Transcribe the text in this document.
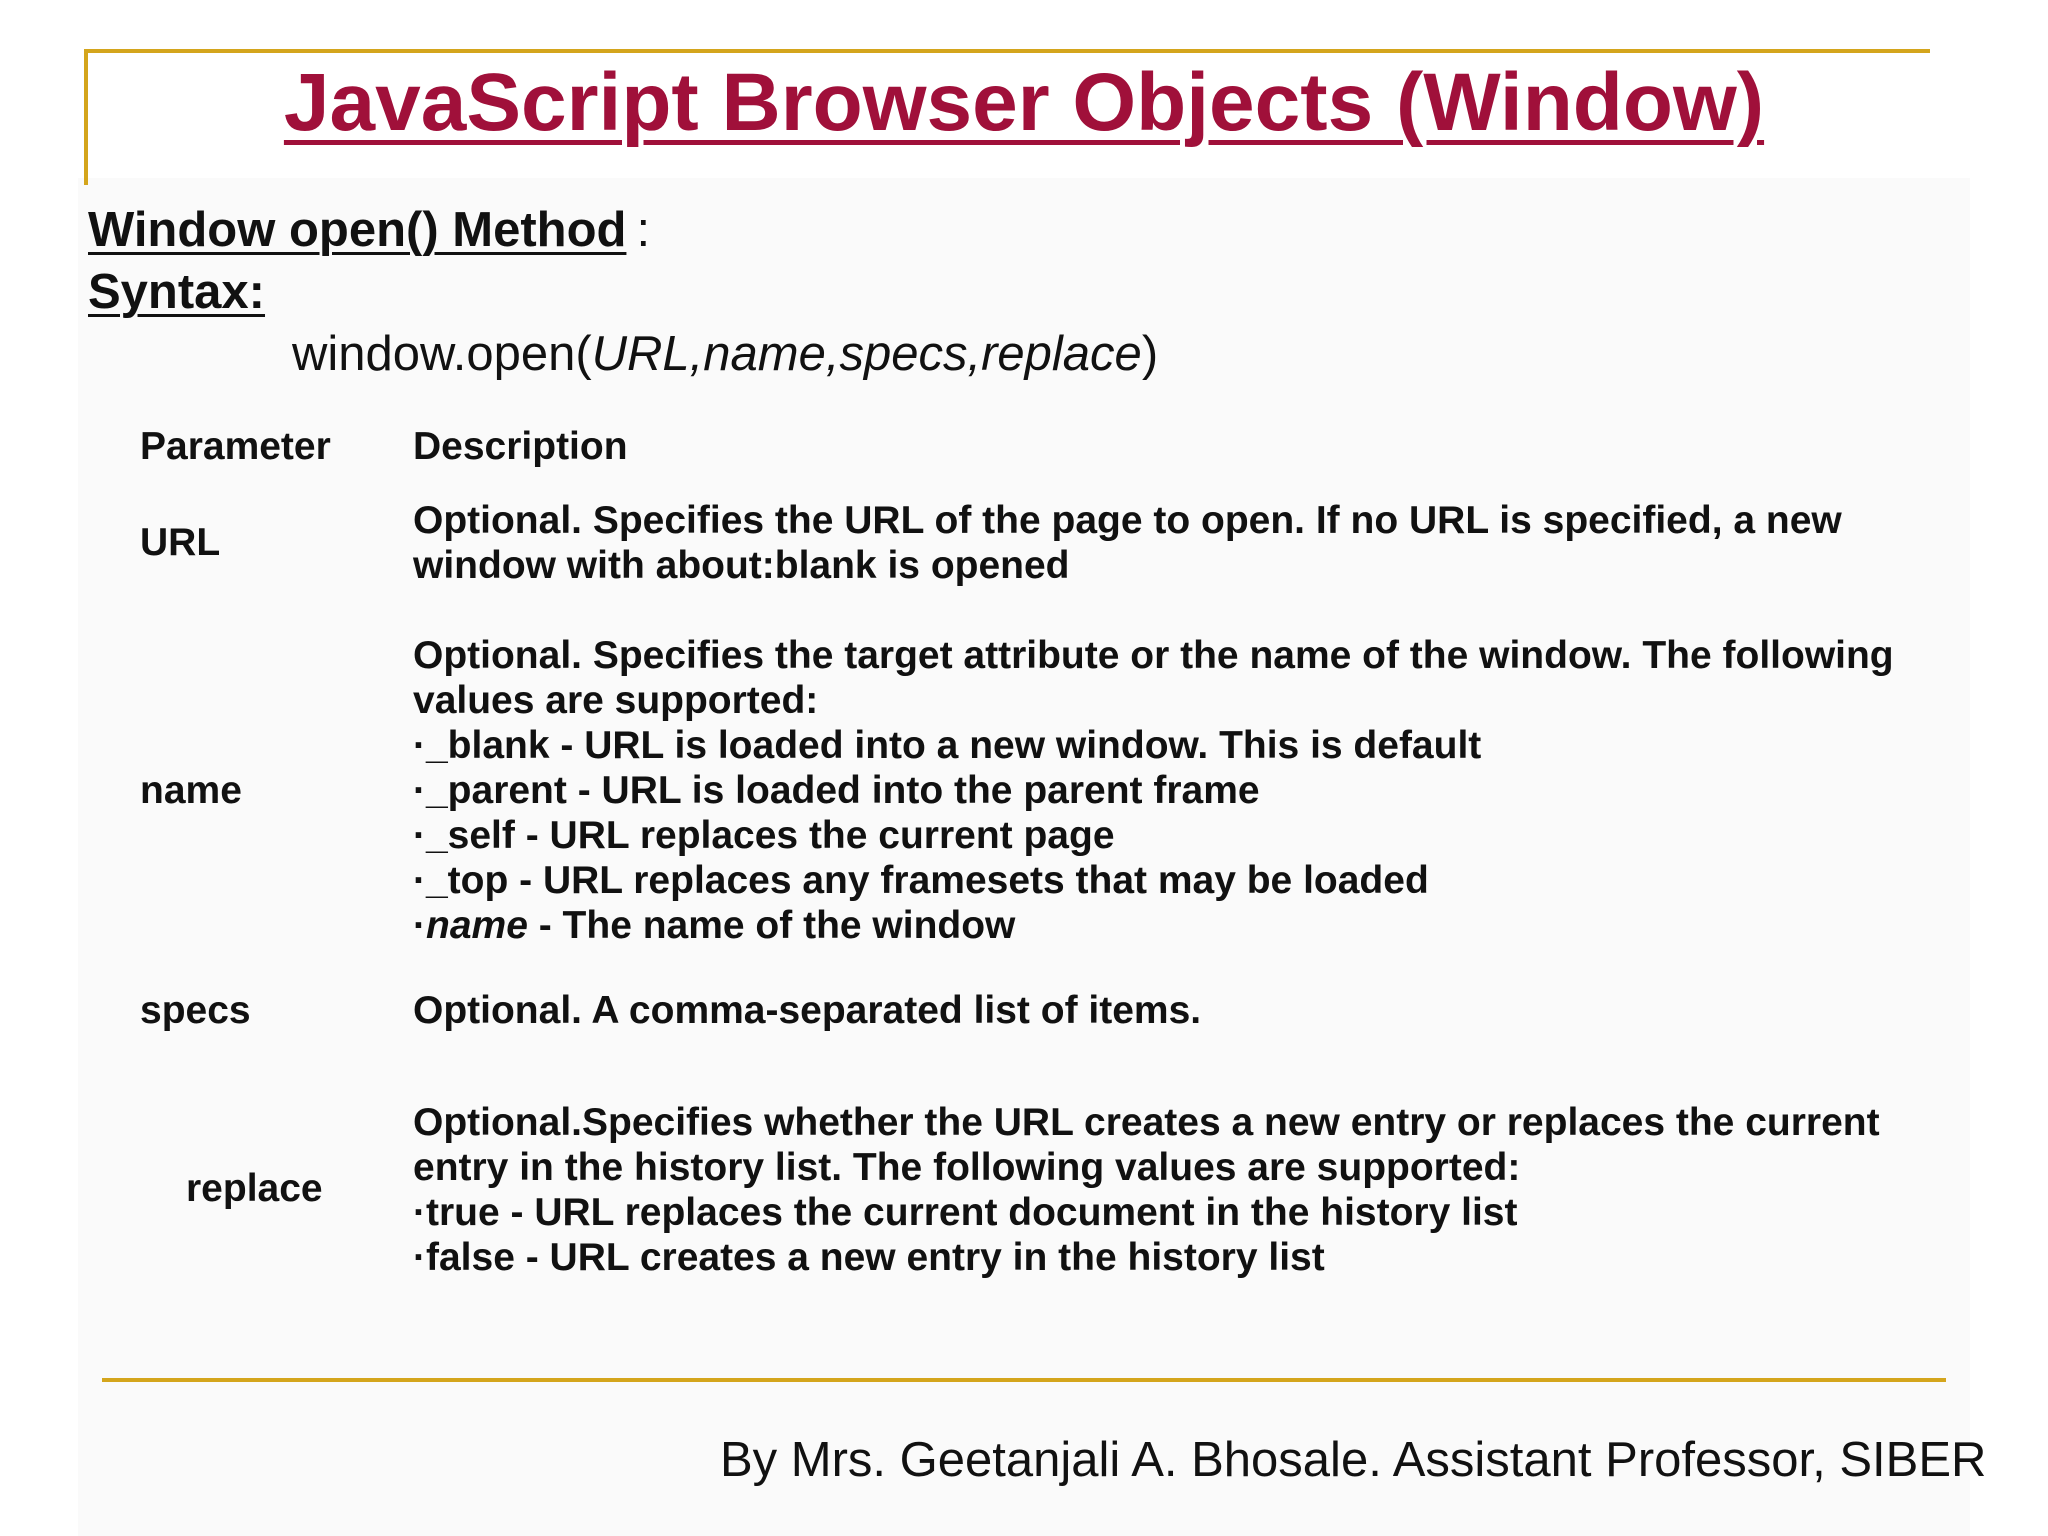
JavaScript Browser Objects (Window)
Window open() Method :
Syntax:
window.open(URL,name,specs,replace)
Parameter Description
URL
Optional. Specifies the URL of the page to open. If no URL is specified, a new
window with about:blank is opened
name
Optional. Specifies the target attribute or the name of the window. The following
values are supported:
·_blank - URL is loaded into a new window. This is default
·_parent - URL is loaded into the parent frame
·_self - URL replaces the current page
·_top - URL replaces any framesets that may be loaded
·name - The name of the window
specs	Optional. A comma-separated list of items.
replace
Optional.Specifies whether the URL creates a new entry or replaces the current
entry in the history list. The following values are supported:
·true - URL replaces the current document in the history list
·false - URL creates a new entry in the history list
By Mrs. Geetanjali A. Bhosale. Assistant Professor, SIBER
